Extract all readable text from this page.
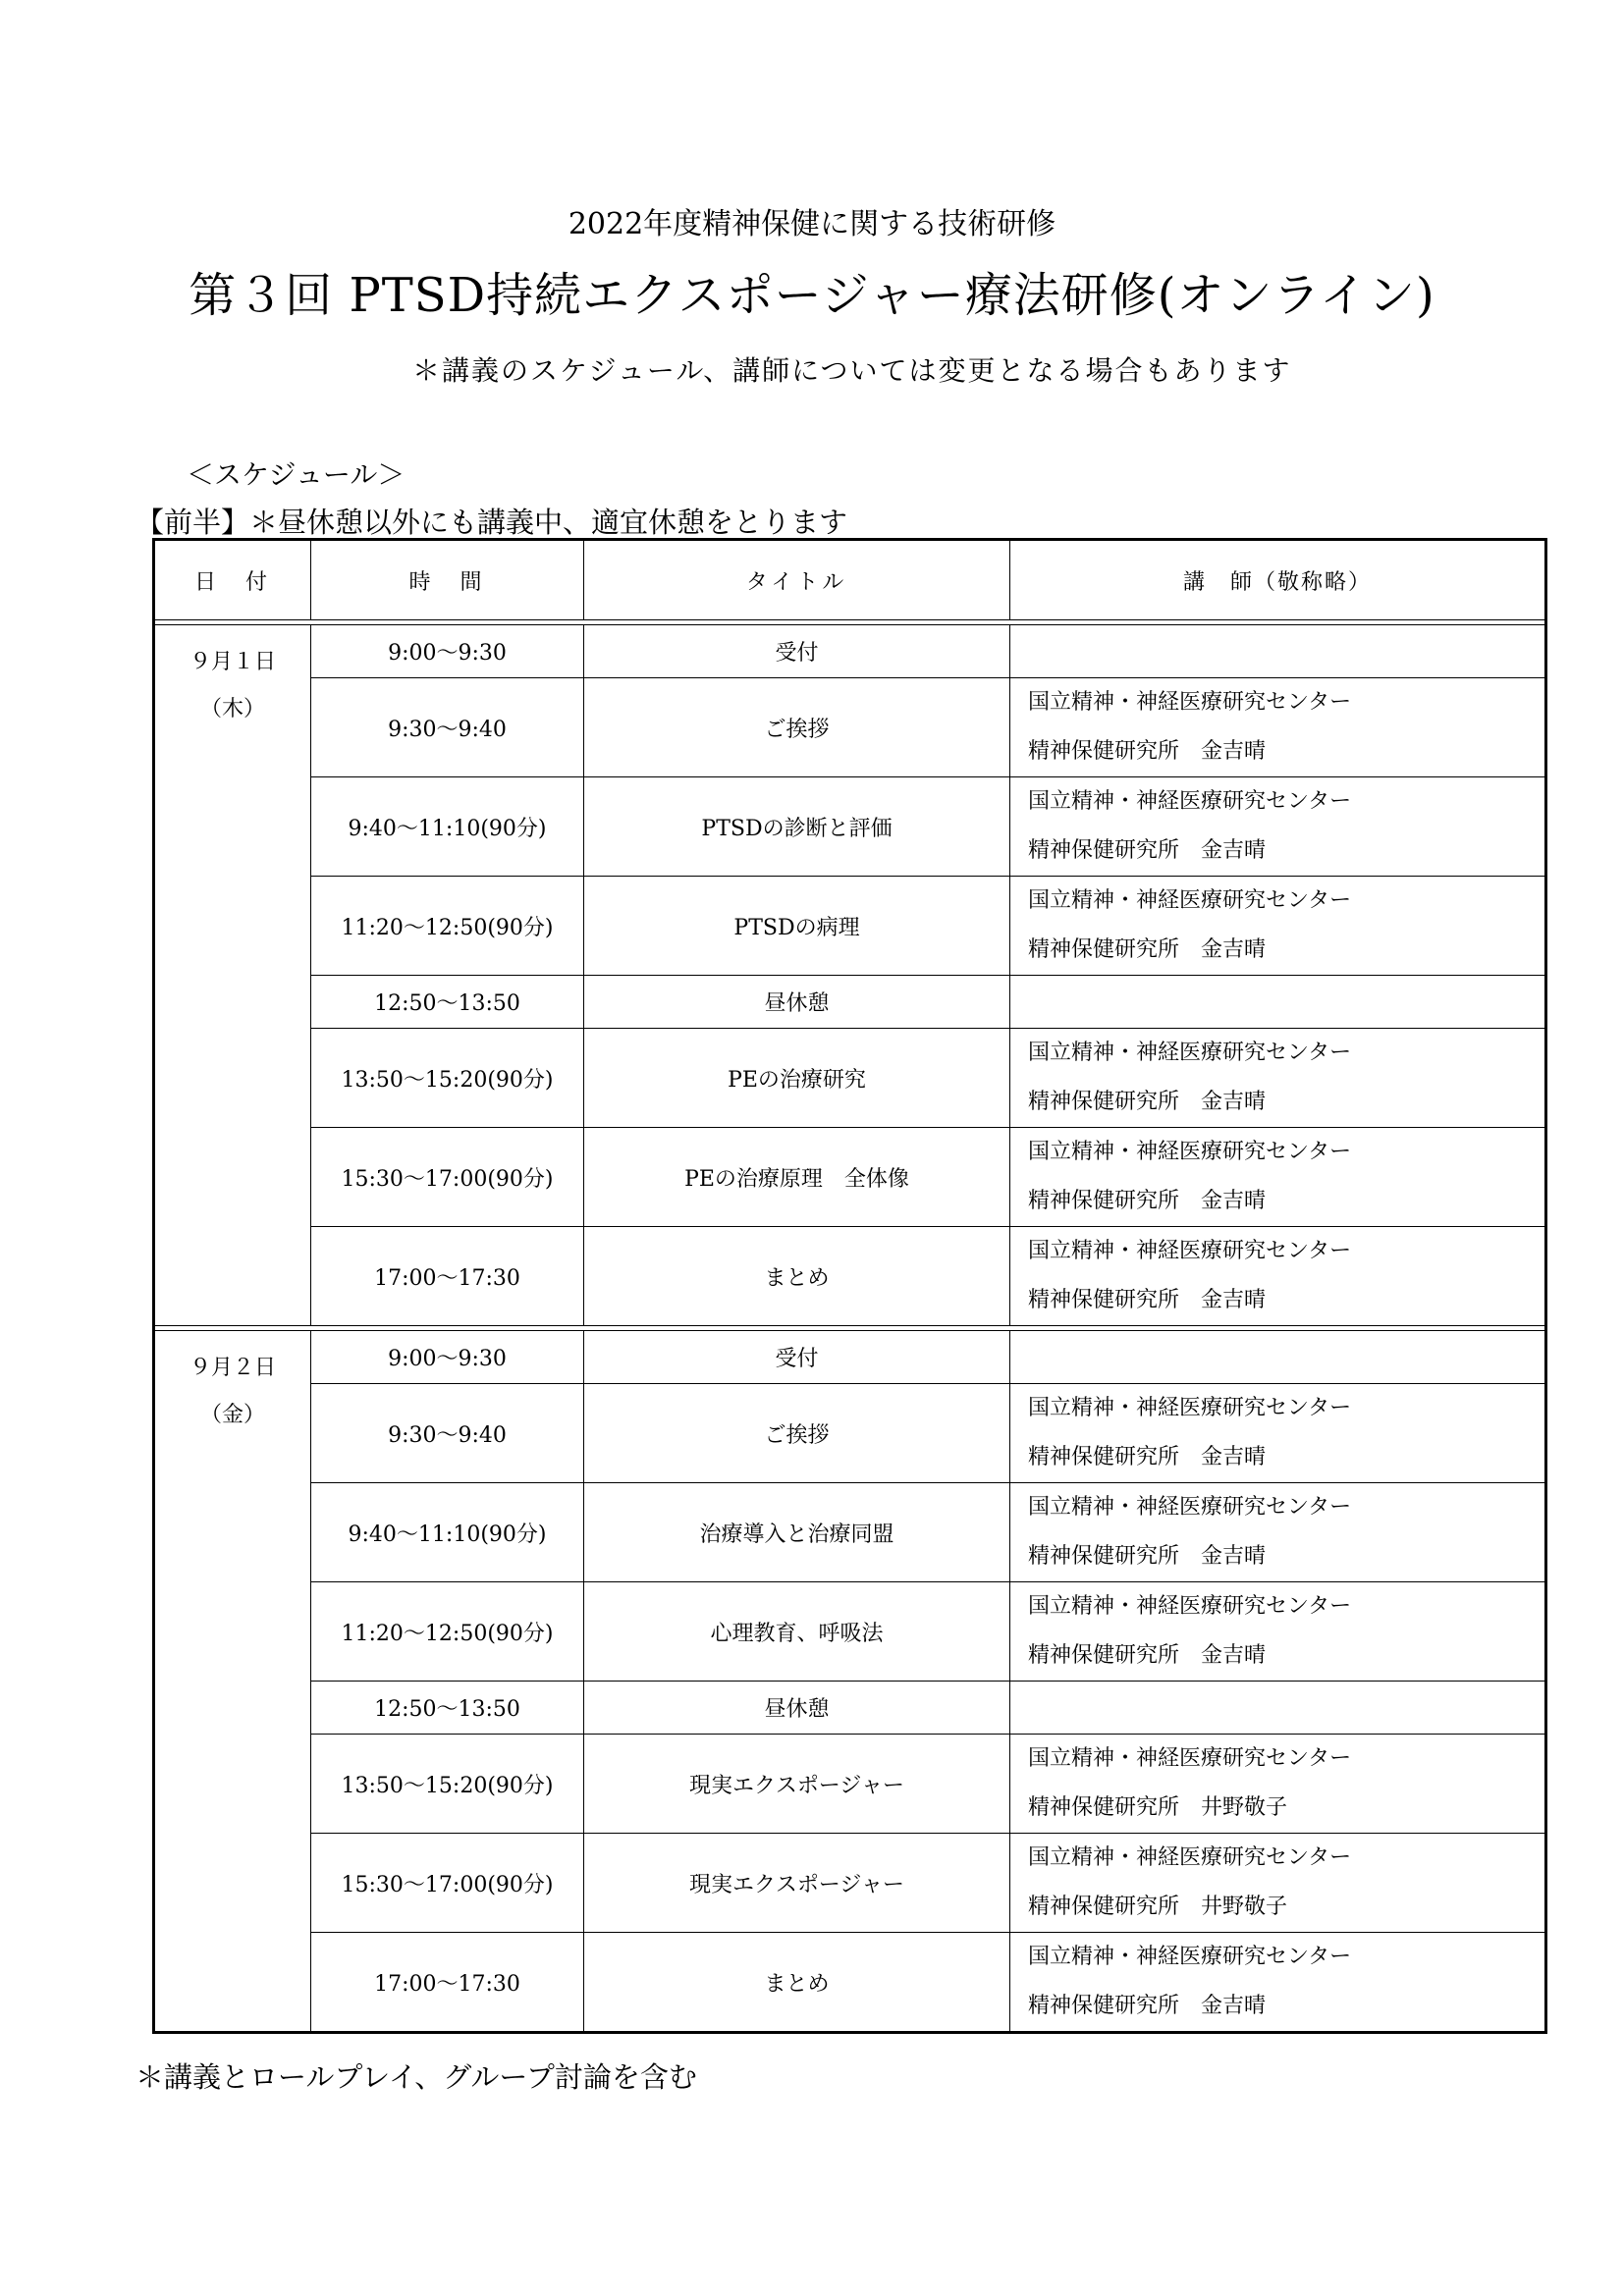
2022年度精神保健に関する技術研修
第３回 PTSD持続エクスポージャー療法研修(オンライン)
＊講義のスケジュール、講師については変更となる場合もあります
＜スケジュール＞
【前半】＊昼休憩以外にも講義中、適宜休憩をとります
日　付	時　間	タイトル	講　師（敬称略）

９月１日
（木）	9:00～9:30	受付	

	9:30～9:40	ご挨拶	国立精神・神経医療研究センター
精神保健研究所　金吉晴

	9:40～11:10(90分)	PTSDの診断と評価	国立精神・神経医療研究センター
精神保健研究所　金吉晴

	11:20～12:50(90分)	PTSDの病理	国立精神・神経医療研究センター
精神保健研究所　金吉晴

	12:50～13:50	昼休憩	

	13:50～15:20(90分)	PEの治療研究	国立精神・神経医療研究センター
精神保健研究所　金吉晴

	15:30～17:00(90分)	PEの治療原理　全体像	国立精神・神経医療研究センター
精神保健研究所　金吉晴

	17:00～17:30	まとめ	国立精神・神経医療研究センター
精神保健研究所　金吉晴

９月２日
（金）	9:00～9:30	受付	

	9:30～9:40	ご挨拶	国立精神・神経医療研究センター
精神保健研究所　金吉晴

	9:40～11:10(90分)	治療導入と治療同盟	国立精神・神経医療研究センター
精神保健研究所　金吉晴

	11:20～12:50(90分)	心理教育、呼吸法	国立精神・神経医療研究センター
精神保健研究所　金吉晴

	12:50～13:50	昼休憩	

	13:50～15:20(90分)	現実エクスポージャー	国立精神・神経医療研究センター
精神保健研究所　井野敬子

	15:30～17:00(90分)	現実エクスポージャー	国立精神・神経医療研究センター
精神保健研究所　井野敬子

	17:00～17:30	まとめ	国立精神・神経医療研究センター
精神保健研究所　金吉晴
＊講義とロールプレイ、グループ討論を含む
